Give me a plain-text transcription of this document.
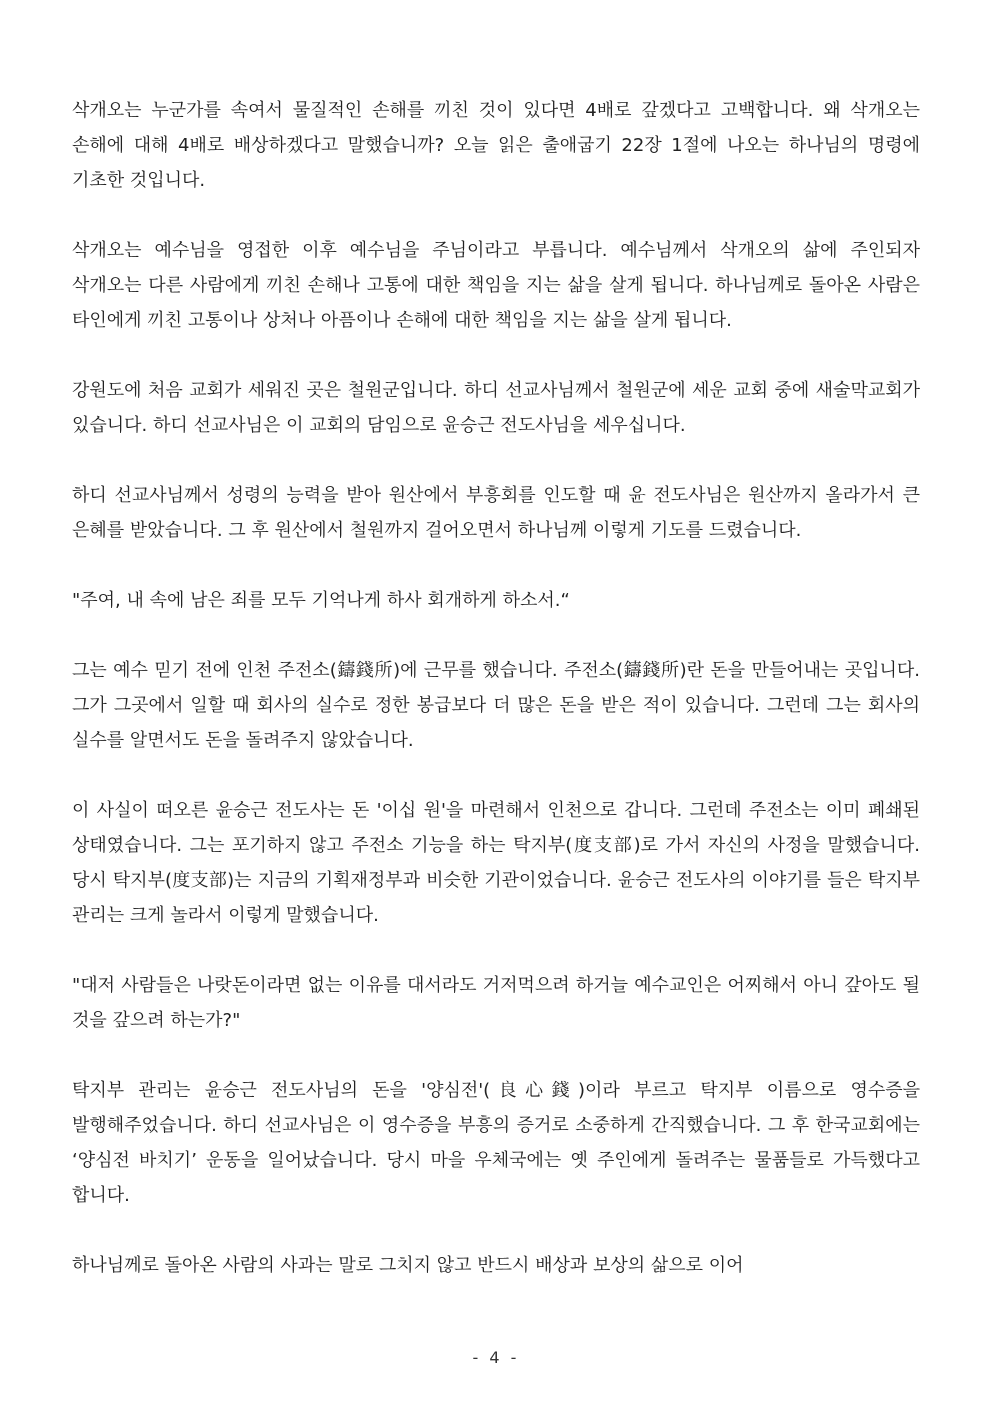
삭개오는 누군가를 속여서 물질적인 손해를 끼친 것이 있다면 4배로 갚겠다고 고백합니다. 왜 삭개오는 손해에 대해 4배로 배상하겠다고 말했습니까? 오늘 읽은 출애굽기 22장 1절에 나오는 하나님의 명령에 기초한 것입니다.

삭개오는 예수님을 영접한 이후 예수님을 주님이라고 부릅니다. 예수님께서 삭개오의 삶에 주인되자 삭개오는 다른 사람에게 끼친 손해나 고통에 대한 책임을 지는 삶을 살게 됩니다. 하나님께로 돌아온 사람은 타인에게 끼친 고통이나 상처나 아픔이나 손해에 대한 책임을 지는 삶을 살게 됩니다.

강원도에 처음 교회가 세워진 곳은 철원군입니다. 하디 선교사님께서 철원군에 세운 교회 중에 새술막교회가 있습니다. 하디 선교사님은 이 교회의 담임으로 윤승근 전도사님을 세우십니다.

하디 선교사님께서 성령의 능력을 받아 원산에서 부흥회를 인도할 때 윤 전도사님은 원산까지 올라가서 큰 은혜를 받았습니다. 그 후 원산에서 철원까지 걸어오면서 하나님께 이렇게 기도를 드렸습니다.

"주여, 내 속에 남은 죄를 모두 기억나게 하사 회개하게 하소서.“

그는 예수 믿기 전에 인천 주전소(鑄錢所)에 근무를 했습니다. 주전소(鑄錢所)란 돈을 만들어내는 곳입니다. 그가 그곳에서 일할 때 회사의 실수로 정한 봉급보다 더 많은 돈을 받은 적이 있습니다. 그런데 그는 회사의 실수를 알면서도 돈을 돌려주지 않았습니다.

이 사실이 떠오른 윤승근 전도사는 돈 '이십 원'을 마련해서 인천으로 갑니다. 그런데 주전소는 이미 폐쇄된 상태였습니다. 그는 포기하지 않고 주전소 기능을 하는 탁지부(度支部)로 가서 자신의 사정을 말했습니다. 당시 탁지부(度支部)는 지금의 기획재정부과 비슷한 기관이었습니다. 윤승근 전도사의 이야기를 들은 탁지부 관리는 크게 놀라서 이렇게 말했습니다.

"대저 사람들은 나랏돈이라면 없는 이유를 대서라도 거저먹으려 하거늘 예수교인은 어찌해서 아니 갚아도 될 것을 갚으려 하는가?"

탁지부 관리는 윤승근 전도사님의 돈을 '양심전'(良心錢)이라 부르고 탁지부 이름으로 영수증을 발행해주었습니다. 하디 선교사님은 이 영수증을 부흥의 증거로 소중하게 간직했습니다. 그 후 한국교회에는 ‘양심전 바치기’ 운동을 일어났습니다. 당시 마을 우체국에는 옛 주인에게 돌려주는 물품들로 가득했다고 합니다.

하나님께로 돌아온 사람의 사과는 말로 그치지 않고 반드시 배상과 보상의 삶으로 이어

- 4 -
